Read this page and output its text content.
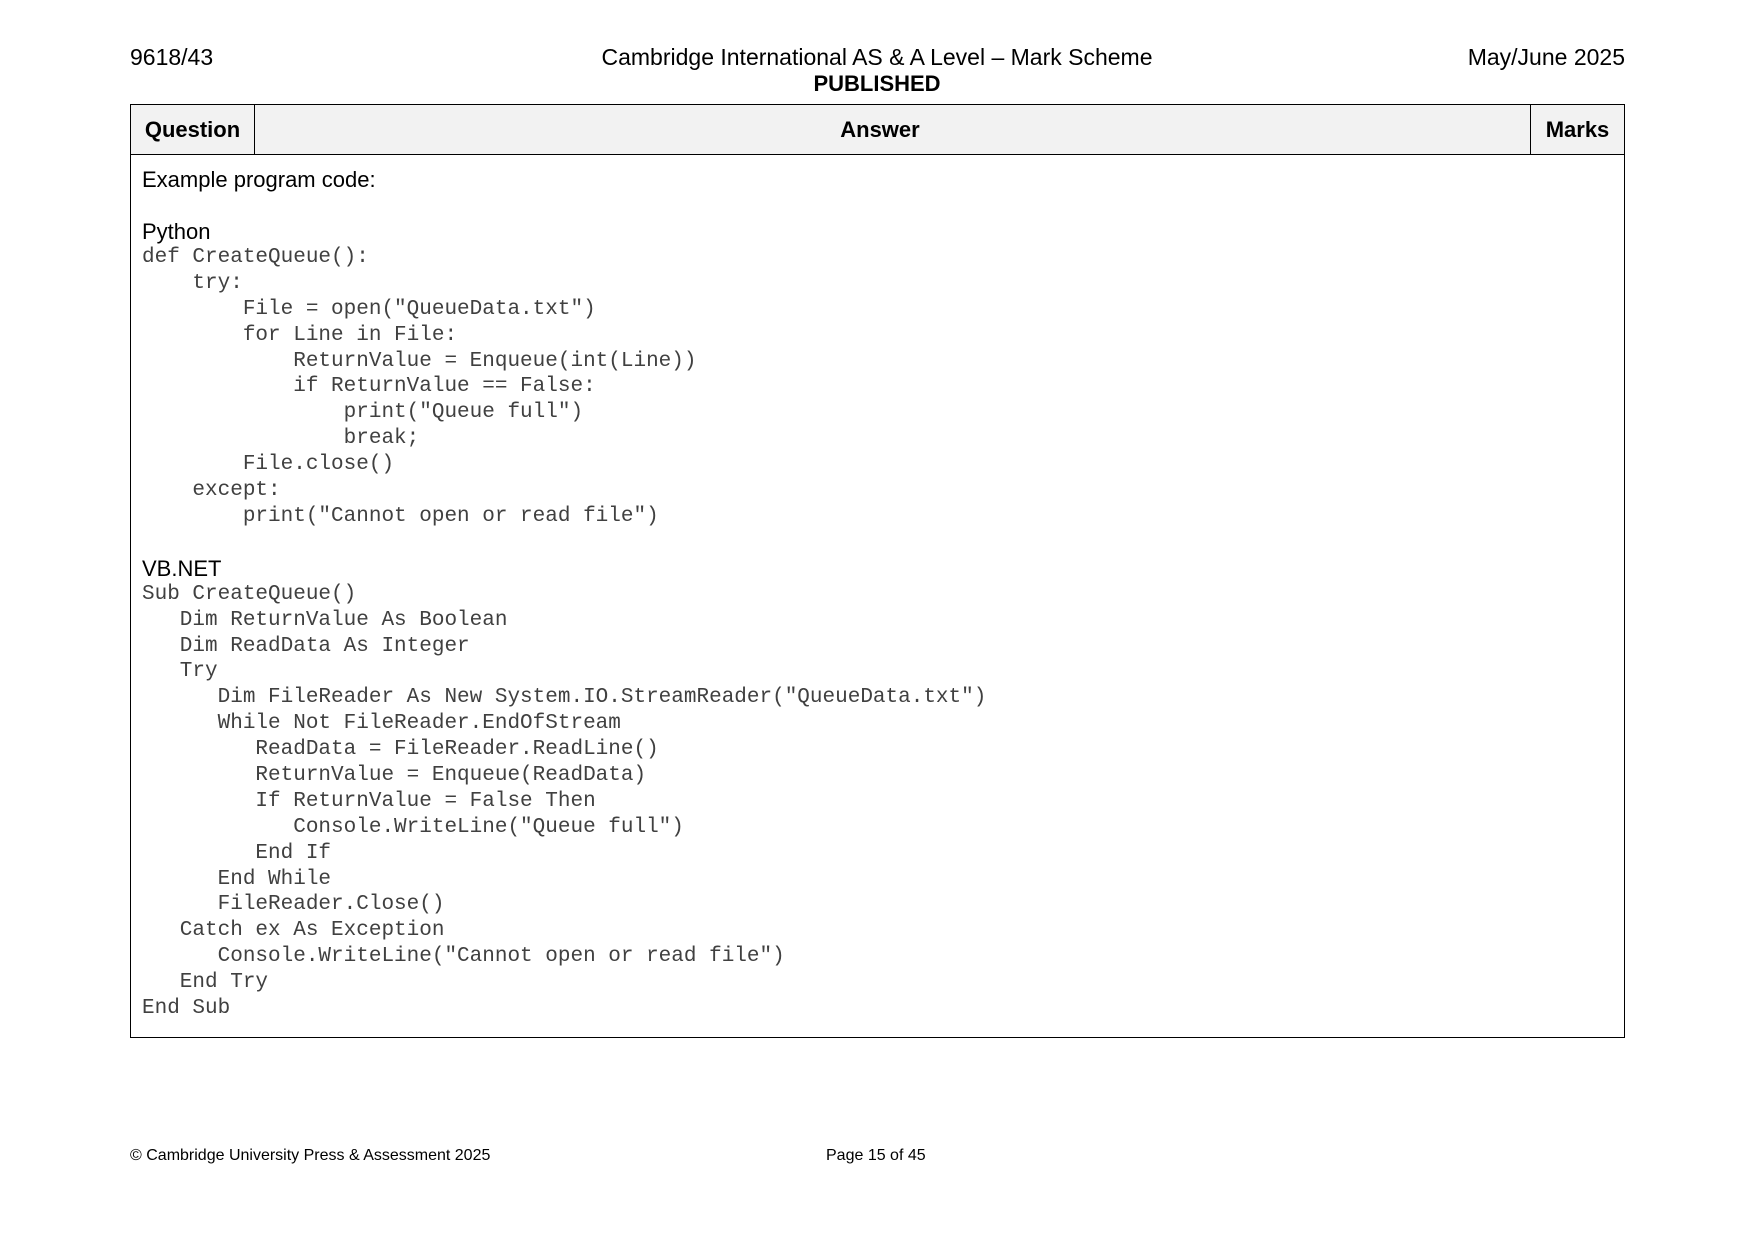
9618/43	Cambridge International AS & A Level – Mark Scheme
PUBLISHED
May/June 2025
Question	Answer	Marks
Example program code:
Python
def CreateQueue():
try:
File = open("QueueData.txt")
for Line in File:
ReturnValue = Enqueue(int(Line))
if ReturnValue == False:
print("Queue full")
break;
File.close()
except:
print("Cannot open or read file")
VB.NET
Sub CreateQueue()
Dim ReturnValue As Boolean
Dim ReadData As Integer
Try
Dim FileReader As New System.IO.StreamReader("QueueData.txt")
While Not FileReader.EndOfStream
ReadData = FileReader.ReadLine()
ReturnValue = Enqueue(ReadData)
If ReturnValue = False Then
Console.WriteLine("Queue full")
End If
End While
FileReader.Close()
Catch ex As Exception
Console.WriteLine("Cannot open or read file")
End Try
End Sub
© Cambridge University Press & Assessment 2025	Page 15 of 45
